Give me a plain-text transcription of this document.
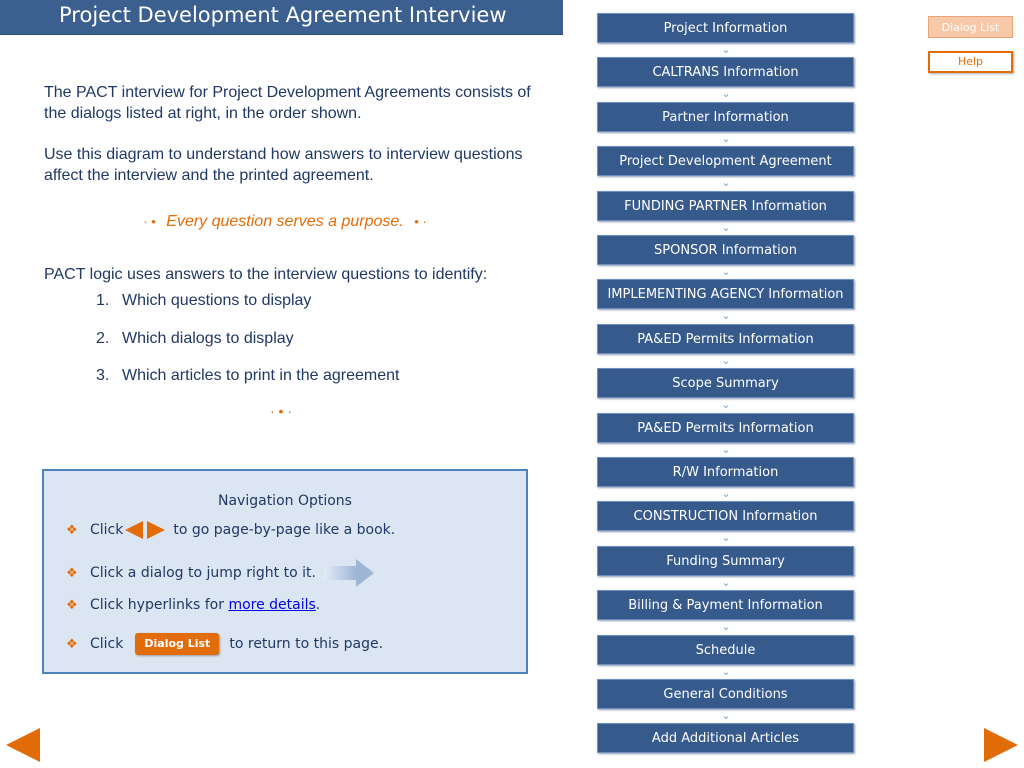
Project Development Agreement Interview

The PACT interview for Project Development Agreements consists of the dialogs listed at right, in the order shown.

Use this diagram to understand how answers to interview questions affect the interview and the printed agreement.

· • Every question serves a purpose. • ·

PACT logic uses answers to the interview questions to identify:

1. Which questions to display
2. Which dialogs to display
3. Which articles to print in the agreement
· • ·
Navigation Options
❖ Click	to go page-by-page like a book.
❖ Click a dialog to jump right to it.
❖ Click hyperlinks for more details .
❖ Click	Dialog List	to return to this page.
Project Information
⌄
CALTRANS Information
⌄
Partner Information
⌄
Project Development Agreement
⌄
FUNDING PARTNER Information
⌄
SPONSOR Information
⌄
IMPLEMENTING AGENCY Information
⌄
PA&ED Permits Information
⌄
Scope Summary
⌄
PA&ED Permits Information
⌄
R/W Information
⌄
CONSTRUCTION Information
⌄
Funding Summary
⌄
Billing & Payment Information
⌄
Schedule
⌄
General Conditions
⌄
Add Additional Articles
Dialog List
Help
